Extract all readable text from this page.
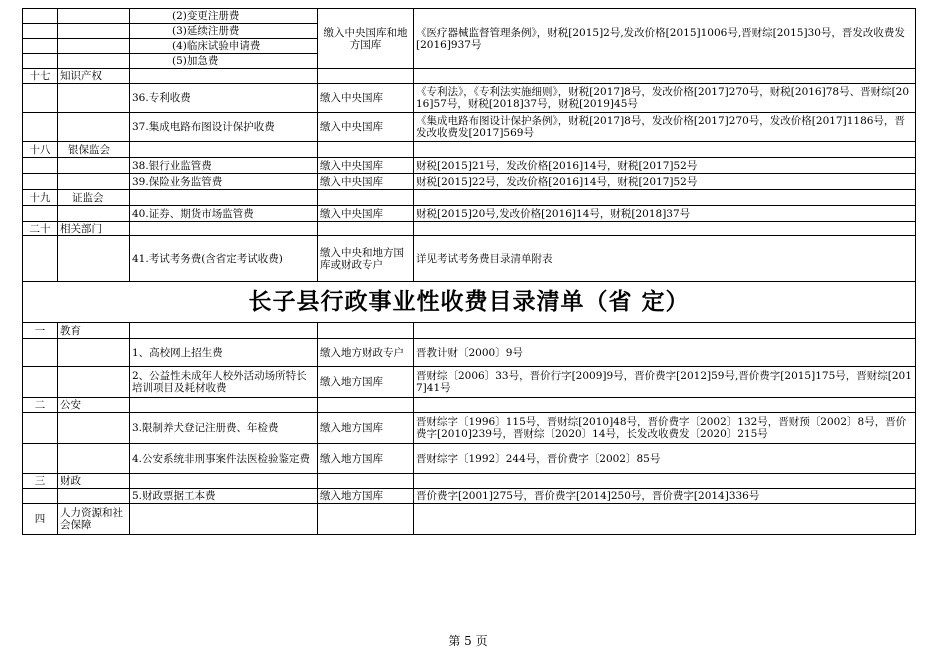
		(2)变更注册费	缴入中央国库和地方国库	《医疗器械监督管理条例》，财税[2015]2号,发改价格[2015]1006号,晋财综[2015]30号，晋发改收费发[2016]937号
		(3)延续注册费		
		(4)临床试验申请费		
		(5)加急费		
十七	知识产权			
		36.专利收费	缴入中央国库	《专利法》，《专利法实施细则》，财税[2017]8号，发改价格[2017]270号，财税[2016]78号、晋财综[2016]57号，财税[2018]37号，财税[2019]45号
		37.集成电路布图设计保护收费	缴入中央国库	《集成电路布图设计保护条例》，财税[2017]8号，发改价格[2017]270号，发改价格[2017]1186号，晋发改收费发[2017]569号
十八	银保监会			
		38.银行业监管费	缴入中央国库	财税[2015]21号，发改价格[2016]14号，财税[2017]52号
		39.保险业务监管费	缴入中央国库	财税[2015]22号，发改价格[2016]14号，财税[2017]52号
十九	证监会			
		40.证券、期货市场监管费	缴入中央国库	财税[2015]20号,发改价格[2016]14号，财税[2018]37号
二十	相关部门			
		41.考试考务费(含省定考试收费)	缴入中央和地方国库或财政专户	详见考试考务费目录清单附表
长子县行政事业性收费目录清单（省 定）				
一	教育			
		1、高校网上招生费	缴入地方财政专户	晋教计财〔2000〕9号
		2、公益性未成年人校外活动场所特长培训项目及耗材收费	缴入地方国库	晋财综〔2006〕33号，晋价行字[2009]9号，晋价费字[2012]59号,晋价费字[2015]175号，晋财综[2017]41号
二	公安			
		3.限制养犬登记注册费、年检费	缴入地方国库	晋财综字〔1996〕115号，晋财综[2010]48号，晋价费字〔2002〕132号，晋财预〔2002〕8号，晋价费字[2010]239号，晋财综〔2020〕14号，长发改收费发〔2020〕215号
		4.公安系统非刑事案件法医检验鉴定费	缴入地方国库	晋财综字〔1992〕244号，晋价费字〔2002〕85号
三	财政			
		5.财政票据工本费	缴入地方国库	晋价费字[2001]275号，晋价费字[2014]250号，晋价费字[2014]336号
四	人力资源和社会保障			
第 5 页
